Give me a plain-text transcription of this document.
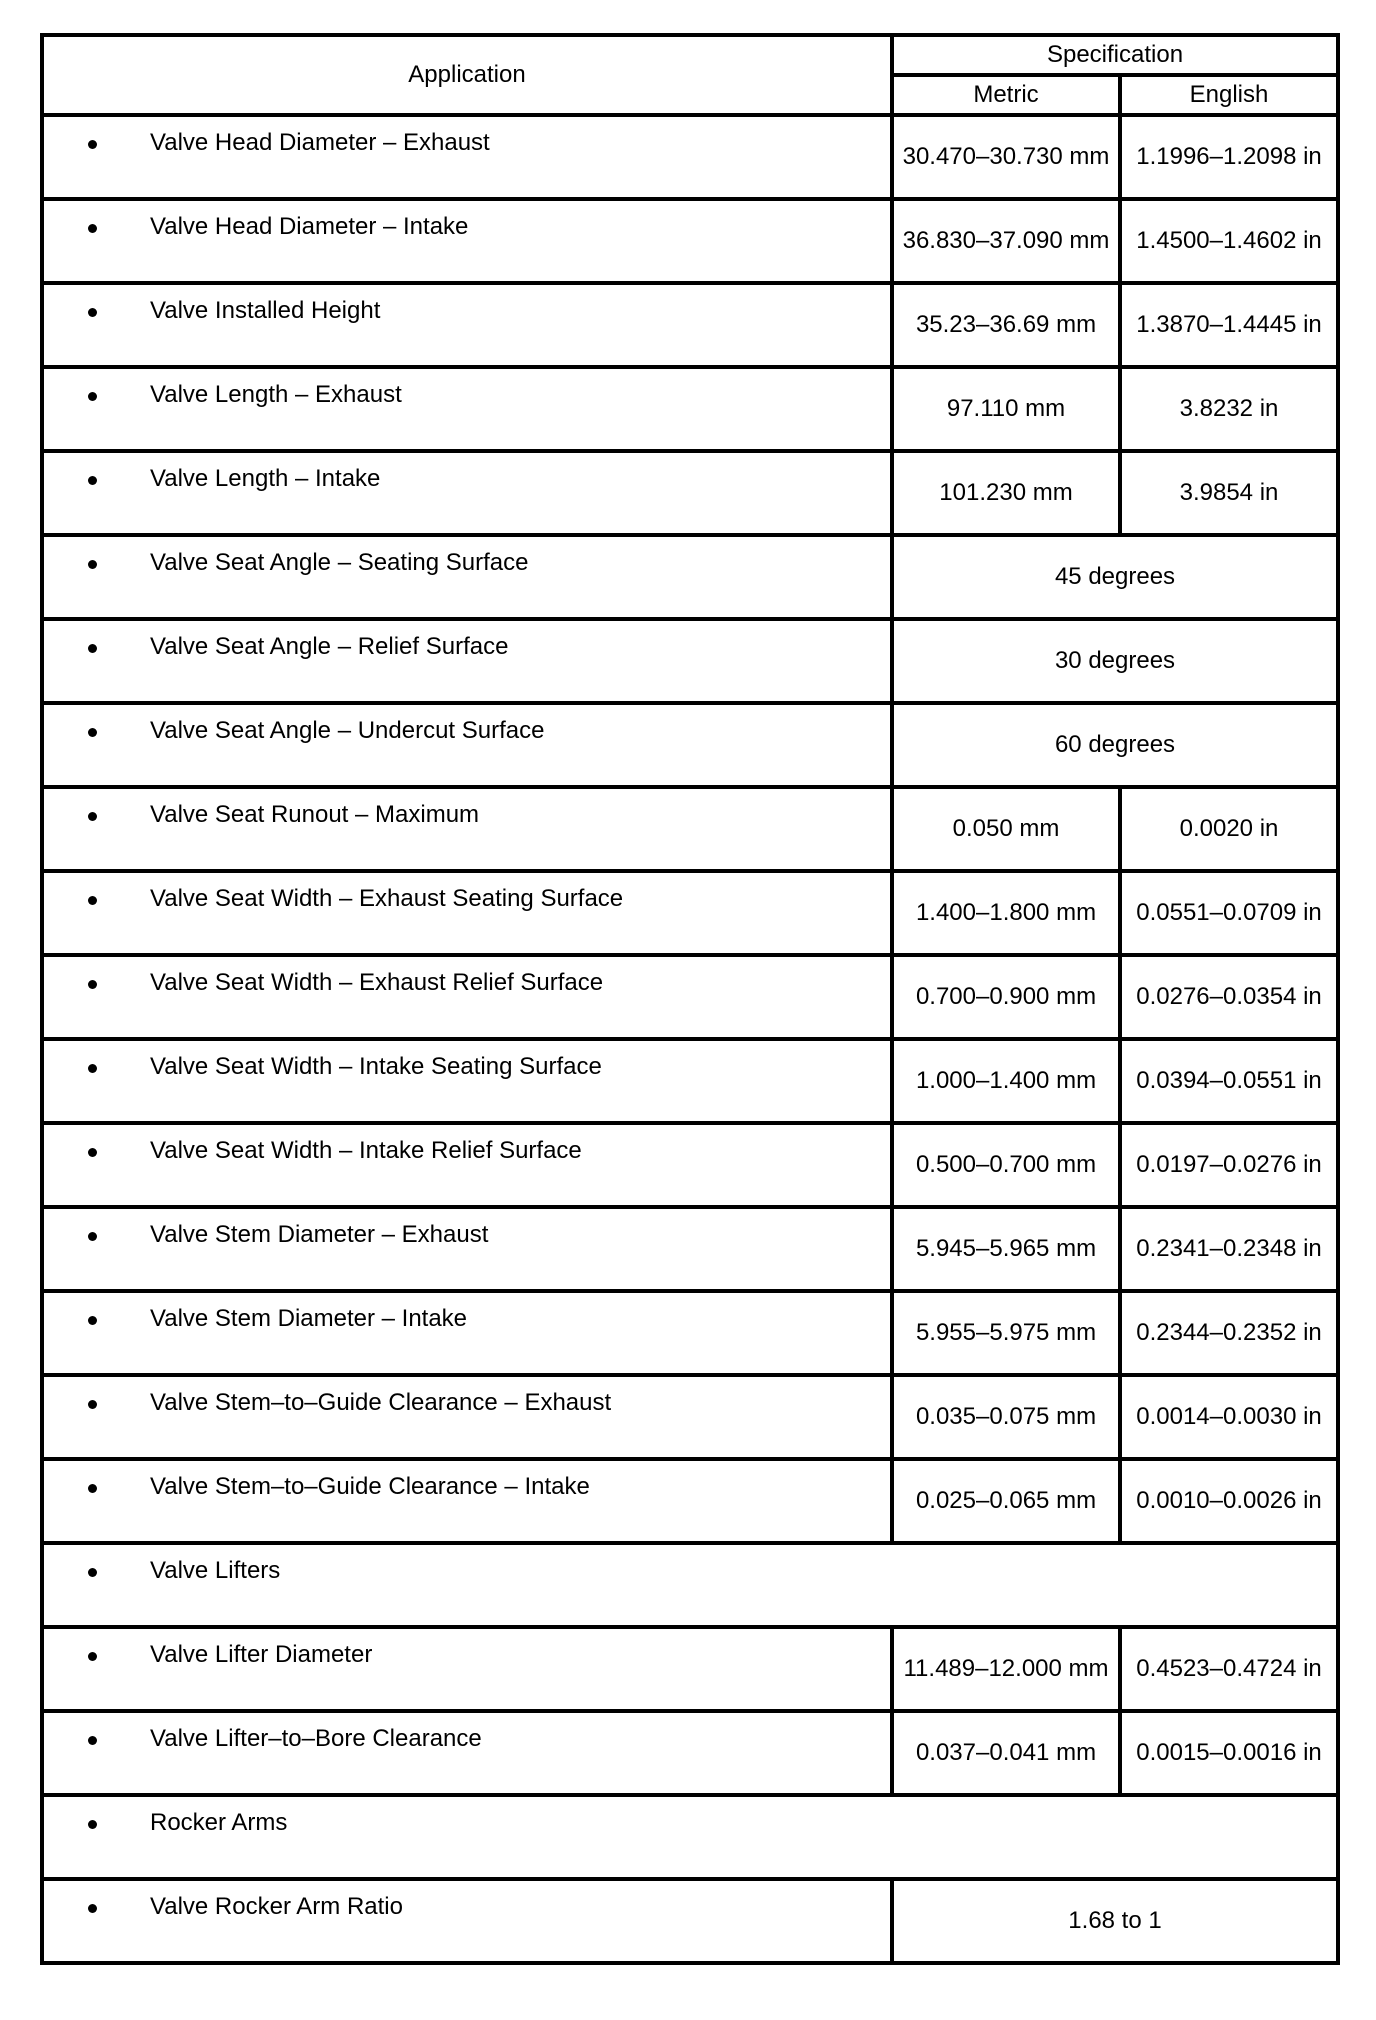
Application	Specification	
	Metric	English

Valve Head Diameter – Exhaust	30.470–30.730 mm	1.1996–1.2098 in

Valve Head Diameter – Intake	36.830–37.090 mm	1.4500–1.4602 in

Valve Installed Height	35.23–36.69 mm	1.3870–1.4445 in

Valve Length – Exhaust	97.110 mm	3.8232 in

Valve Length – Intake	101.230 mm	3.9854 in

Valve Seat Angle – Seating Surface	45 degrees	

Valve Seat Angle – Relief Surface	30 degrees	

Valve Seat Angle – Undercut Surface	60 degrees	

Valve Seat Runout – Maximum	0.050 mm	0.0020 in

Valve Seat Width – Exhaust Seating Surface	1.400–1.800 mm	0.0551–0.0709 in

Valve Seat Width – Exhaust Relief Surface	0.700–0.900 mm	0.0276–0.0354 in

Valve Seat Width – Intake Seating Surface	1.000–1.400 mm	0.0394–0.0551 in

Valve Seat Width – Intake Relief Surface	0.500–0.700 mm	0.0197–0.0276 in

Valve Stem Diameter – Exhaust	5.945–5.965 mm	0.2341–0.2348 in

Valve Stem Diameter – Intake	5.955–5.975 mm	0.2344–0.2352 in

Valve Stem–to–Guide Clearance – Exhaust	0.035–0.075 mm	0.0014–0.0030 in

Valve Stem–to–Guide Clearance – Intake	0.025–0.065 mm	0.0010–0.0026 in

Valve Lifters		

Valve Lifter Diameter	11.489–12.000 mm	0.4523–0.4724 in

Valve Lifter–to–Bore Clearance	0.037–0.041 mm	0.0015–0.0016 in

Rocker Arms		

Valve Rocker Arm Ratio	1.68 to 1	
